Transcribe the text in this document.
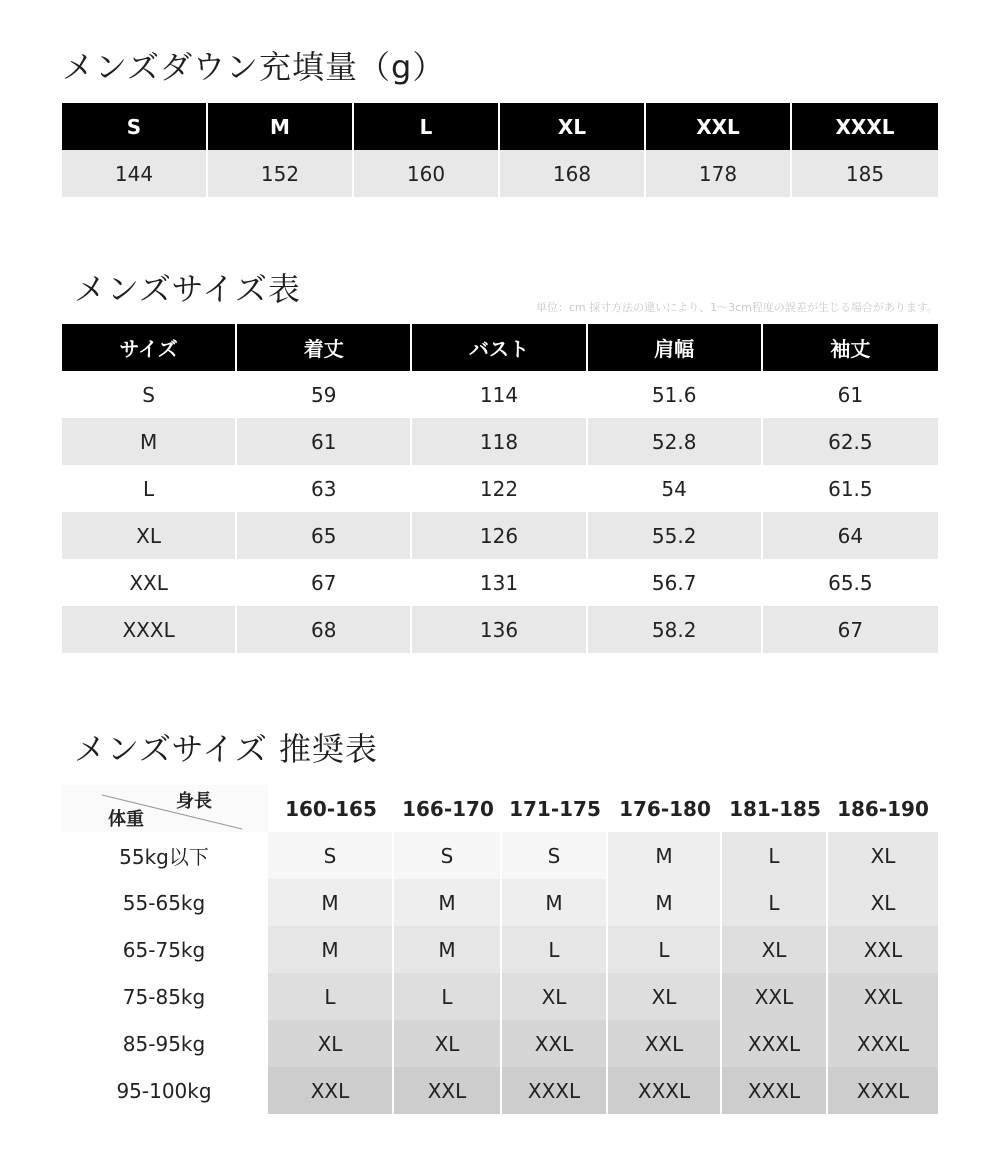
メンズダウン充填量（g）
S	M	L	XL	XXL	XXXL
144	152	160	168	178	185
メンズサイズ表	単位：cm 採寸方法の違いにより、1〜3cm程度の誤差が生じる場合があります。
サイズ	着丈	バスト	肩幅	袖丈
S	59	114	51.6	61
M	61	118	52.8	62.5
L	63	122	54	61.5
XL	65	126	55.2	64
XXL	67	131	56.7	65.5
XXXL	68	136	58.2	67
メンズサイズ 推奨表
身長
体重	160-165	166-170	171-175	176-180	181-185	186-190
55kg以下	S	S	S	M	L	XL
55-65kg	M	M	M	M	L	XL
65-75kg	M	M	L	L	XL	XXL
75-85kg	L	L	XL	XL	XXL	XXL
85-95kg	XL	XL	XXL	XXL	XXXL	XXXL
95-100kg	XXL	XXL	XXXL	XXXL	XXXL	XXXL
